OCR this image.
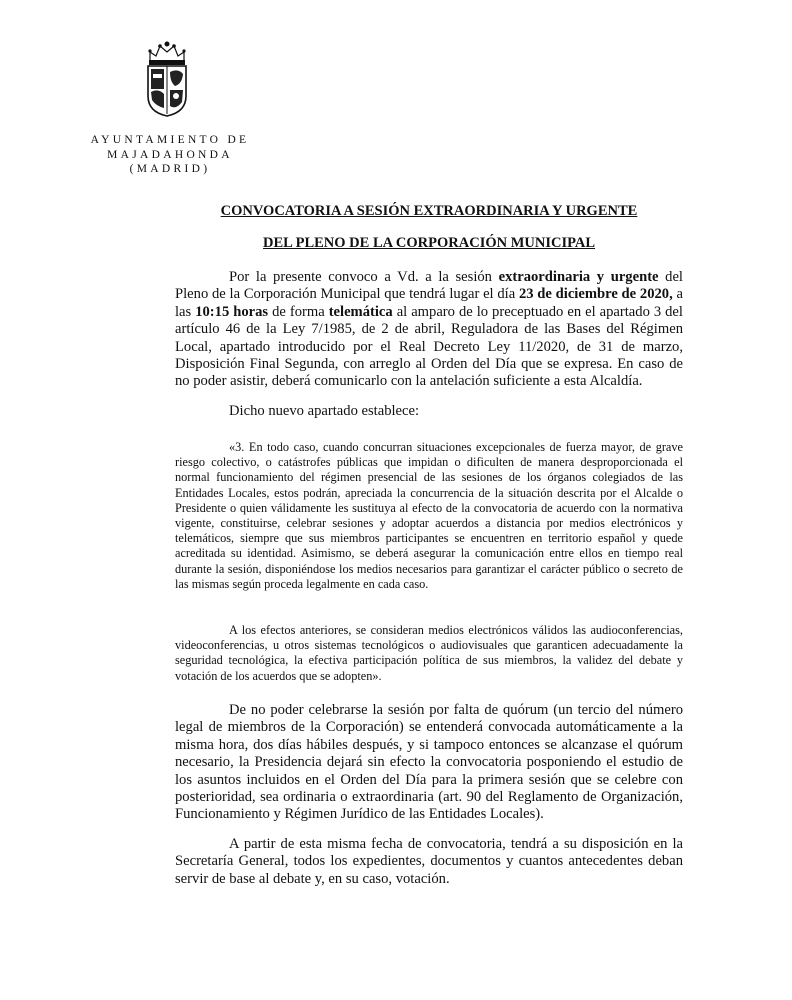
AYUNTAMIENTO DE
MAJADAHONDA
(MADRID)
CONVOCATORIA A SESIÓN EXTRAORDINARIA Y URGENTE
DEL PLENO DE LA CORPORACIÓN MUNICIPAL

Por la presente convoco a Vd. a la sesión extraordinaria y urgente del Pleno de la Corporación Municipal que tendrá lugar el día 23 de diciembre de 2020, a las 10:15 horas de forma telemática al amparo de lo preceptuado en el apartado 3 del artículo 46 de la Ley 7/1985, de 2 de abril, Reguladora de las Bases del Régimen Local, apartado introducido por el Real Decreto Ley 11/2020, de 31 de marzo, Disposición Final Segunda, con arreglo al Orden del Día que se expresa. En caso de no poder asistir, deberá comunicarlo con la antelación suficiente a esta Alcaldía.

Dicho nuevo apartado establece:

«3. En todo caso, cuando concurran situaciones excepcionales de fuerza mayor, de grave riesgo colectivo, o catástrofes públicas que impidan o dificulten de manera desproporcionada el normal funcionamiento del régimen presencial de las sesiones de los órganos colegiados de las Entidades Locales, estos podrán, apreciada la concurrencia de la situación descrita por el Alcalde o Presidente o quien válidamente les sustituya al efecto de la convocatoria de acuerdo con la normativa vigente, constituirse, celebrar sesiones y adoptar acuerdos a distancia por medios electrónicos y telemáticos, siempre que sus miembros participantes se encuentren en territorio español y quede acreditada su identidad. Asimismo, se deberá asegurar la comunicación entre ellos en tiempo real durante la sesión, disponiéndose los medios necesarios para garantizar el carácter público o secreto de las mismas según proceda legalmente en cada caso.

A los efectos anteriores, se consideran medios electrónicos válidos las audioconferencias, videoconferencias, u otros sistemas tecnológicos o audiovisuales que garanticen adecuadamente la seguridad tecnológica, la efectiva participación política de sus miembros, la validez del debate y votación de los acuerdos que se adopten».

De no poder celebrarse la sesión por falta de quórum (un tercio del número legal de miembros de la Corporación) se entenderá convocada automáticamente a la misma hora, dos días hábiles después, y si tampoco entonces se alcanzase el quórum necesario, la Presidencia dejará sin efecto la convocatoria posponiendo el estudio de los asuntos incluidos en el Orden del Día para la primera sesión que se celebre con posterioridad, sea ordinaria o extraordinaria (art. 90 del Reglamento de Organización, Funcionamiento y Régimen Jurídico de las Entidades Locales).

A partir de esta misma fecha de convocatoria, tendrá a su disposición en la Secretaría General, todos los expedientes, documentos y cuantos antecedentes deban servir de base al debate y, en su caso, votación.
